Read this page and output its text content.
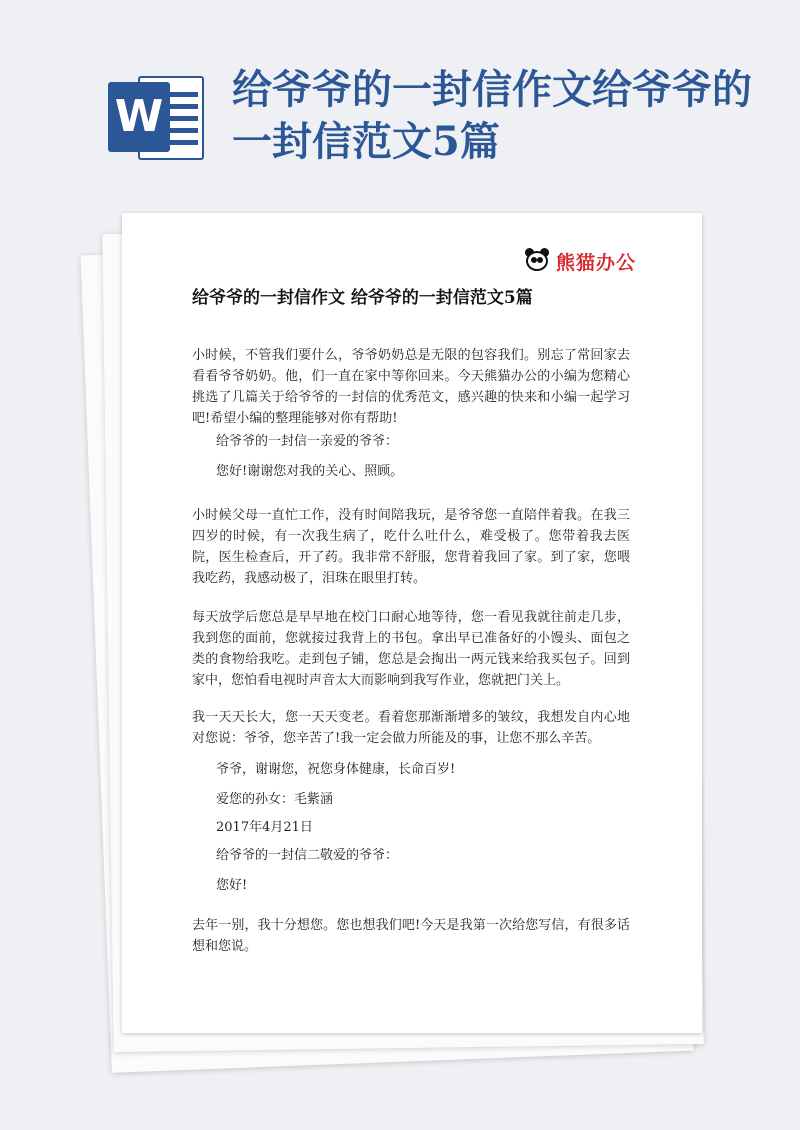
W
给爷爷的一封信作文给爷爷的一封信范文5篇
熊猫办公
给爷爷的一封信作文 给爷爷的一封信范文5篇

小时候，不管我们要什么，爷爷奶奶总是无限的包容我们。别忘了常回家去看看爷爷奶奶。他，们一直在家中等你回来。今天熊猫办公的小编为您精心挑选了几篇关于给爷爷的一封信的优秀范文，感兴趣的快来和小编一起学习吧!希望小编的整理能够对你有帮助!

给爷爷的一封信一亲爱的爷爷：

您好!谢谢您对我的关心、照顾。

小时候父母一直忙工作，没有时间陪我玩，是爷爷您一直陪伴着我。在我三四岁的时候，有一次我生病了，吃什么吐什么，难受极了。您带着我去医院，医生检查后，开了药。我非常不舒服，您背着我回了家。到了家，您喂我吃药，我感动极了，泪珠在眼里打转。

每天放学后您总是早早地在校门口耐心地等待，您一看见我就往前走几步，我到您的面前，您就接过我背上的书包。拿出早已准备好的小馒头、面包之类的食物给我吃。走到包子铺，您总是会掏出一两元钱来给我买包子。回到家中，您怕看电视时声音太大而影响到我写作业，您就把门关上。

我一天天长大，您一天天变老。看着您那渐渐增多的皱纹，我想发自内心地对您说：爷爷，您辛苦了!我一定会做力所能及的事，让您不那么辛苦。

爷爷，谢谢您，祝您身体健康，长命百岁!

爱您的孙女：毛紫涵

2017年4月21日

给爷爷的一封信二敬爱的爷爷：

您好!

去年一别，我十分想您。您也想我们吧!今天是我第一次给您写信，有很多话想和您说。
